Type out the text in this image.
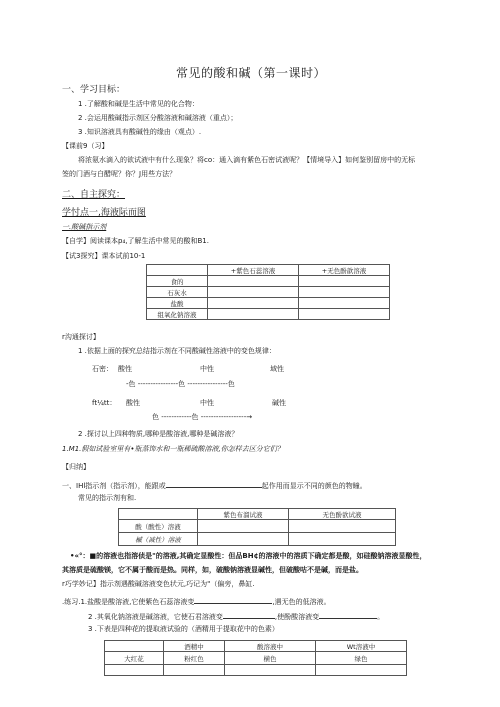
常见的酸和碱（第一课时）
一、学习目标：
1 .了解酸和碱是生活中常见的化合物：
2 .会运用酸碱指示剂区分酸溶液和碱溶液（重点）；
3 .知识溶液具有酸碱性的缘由（观点）.
【课前9（习】
将浓氨水滴入的欲试液中有什么现象？将co：通入滴有紫色石密试液呢？【情境导入】如何鉴别留房中的无标
签的门酒与白醋呢？你？J用些方法？
二、自主探究：
学忖点一,海液际而图
一.酸碱指示剂
【自学】阅读课本p₄,了解生活中常见的酸和B1.
【试3探究】课本试前10-1
	+紫色石蕊溶液	+无色酚歆溶液
食的		
石灰水		
盐酸		
组氧化钠溶液		
r沟通探讨】
1 .依据上面的探究总结指示剂在不同酸碱性溶液中的变色规律：
石密： 酸性	中性	域性
-色 ----------------色 ----------------色
ft¼tt： 酸性	中性	碱性
色 ------------色 ------------------→
2 .探讨以上四种物质,哪种是酸溶液,哪种是碱溶液？
1.M1.假如试验室里有•瓶蒸饰水和一瓶稀硫酸溶液,你怎样去区分它们？
【归纳】
一、IHl指示剂（指示剂），能跟或	起作用而显示不同的颜色的物瞳。
常见的指示剂有和.
	紫色布溜试液	无色酚欲试液
酸（酸性）溶液		
槭（减性）溶液		
•«°：■的溶液也指溶侦是"的溶液,其确定显酸性：但品BH¢的溶液中的溶质下确定都是酸，如硅酸钠溶液显酸性，
其溶质是硫酸镁，它不属于酸而是热。同样，如，破酸钠溶液显碱性，但破酸咕不是碱，而是盐。
r巧学妙记】指示剂遇酸碱溶液变色状元,巧记为"（偏旁，鼻缸.
.练习.1.盐酸是酸溶液,它使紫色石蕊溶液变	,遇无色的低溶液。
2 .其氧化钠溶液是碱溶液，它使石君溶液变	,使酚酸溶液变	。
3 .下表是四种花的提取液试验的（酒精用于提取花中的色素）
	酒精中	酸溶液中	Wt溶液中
大红花	粉红色	横色	绿色
